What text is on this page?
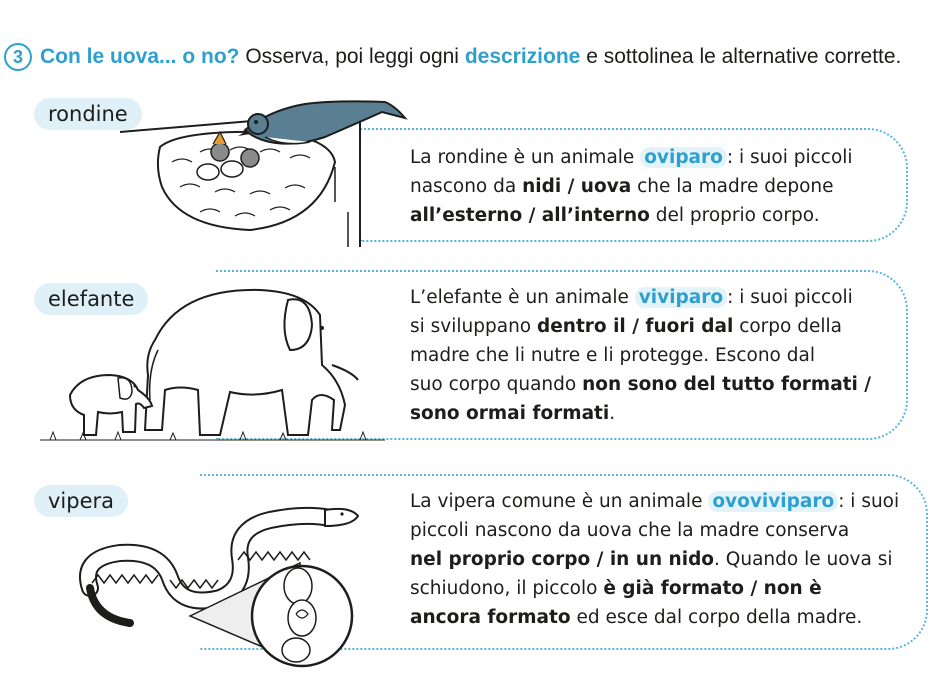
3 Con le uova... o no?
Osserva, poi leggi ogni
descrizione
e sottolinea le alternative corrette.
rondine
La rondine è un animale oviparo : i suoi piccoli
nascono da nidi / uova che la madre depone
all’esterno / all’interno del proprio corpo.
elefante	L’elefante è un animale viviparo : i suoi piccoli
si sviluppano dentro il / fuori dal corpo della
madre che li nutre e li protegge. Escono dal
suo corpo quando non sono del tutto formati /
sono ormai formati.
vipera	La vipera comune è un animale ovoviviparo : i suoi
piccoli nascono da uova che la madre conserva
nel proprio corpo / in un nido. Quando le uova si
schiudono, il piccolo è già formato / non è
ancora formato ed esce dal corpo della madre.
